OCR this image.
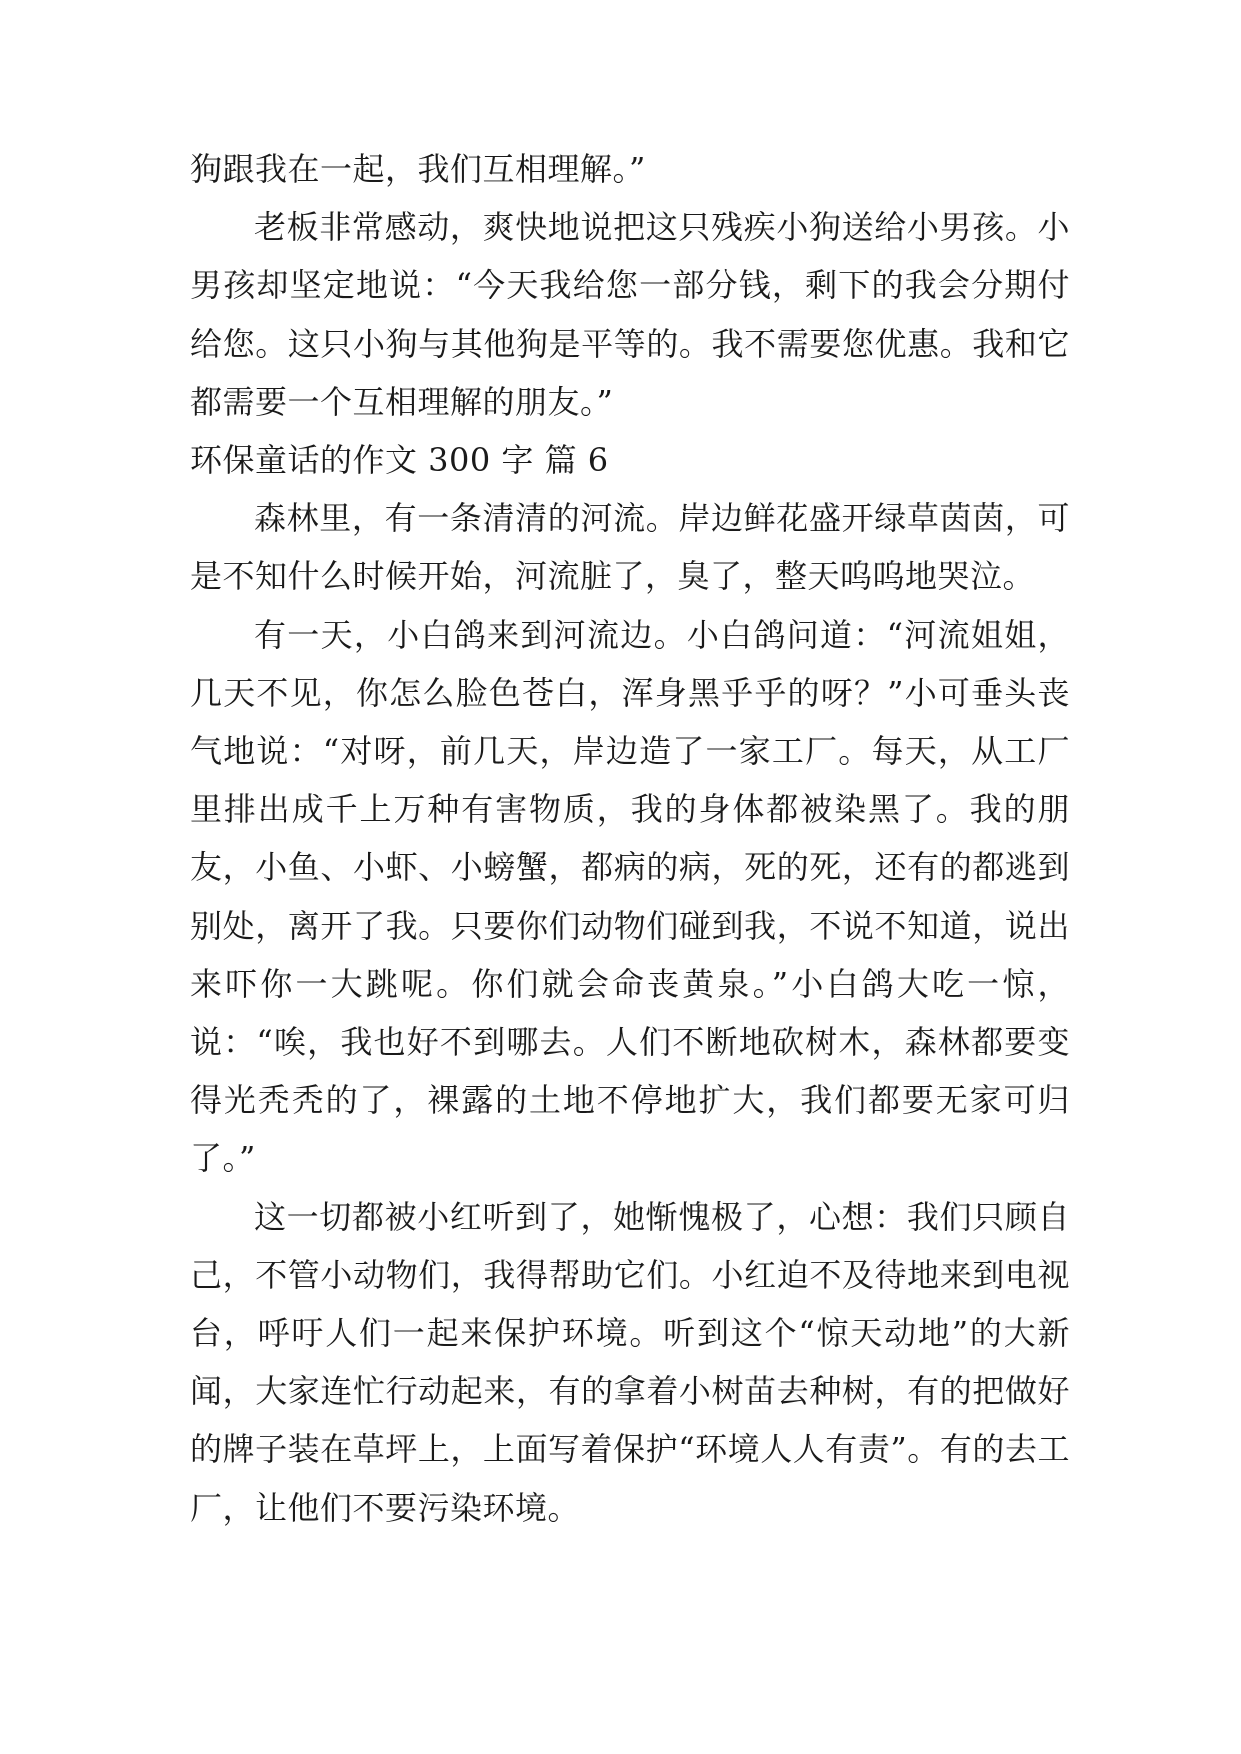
狗跟我在一起，我们互相理解。”

老板非常感动，爽快地说把这只残疾小狗送给小男孩。小男孩却坚定地说：“今天我给您一部分钱，剩下的我会分期付给您。这只小狗与其他狗是平等的。我不需要您优惠。我和它都需要一个互相理解的朋友。”

环保童话的作文 300 字 篇 6

森林里，有一条清清的河流。岸边鲜花盛开绿草茵茵，可是不知什么时候开始，河流脏了，臭了，整天呜呜地哭泣。

有一天，小白鸽来到河流边。小白鸽问道：“河流姐姐，几天不见，你怎么脸色苍白，浑身黑乎乎的呀？”小可垂头丧气地说：“对呀，前几天，岸边造了一家工厂。每天，从工厂里排出成千上万种有害物质，我的身体都被染黑了。我的朋友，小鱼、小虾、小螃蟹，都病的病，死的死，还有的都逃到别处，离开了我。只要你们动物们碰到我，不说不知道，说出来吓你一大跳呢。你们就会命丧黄泉。”小白鸽大吃一惊，说：“唉，我也好不到哪去。人们不断地砍树木，森林都要变得光秃秃的了，裸露的土地不停地扩大，我们都要无家可归了。”

这一切都被小红听到了，她惭愧极了，心想：我们只顾自己，不管小动物们，我得帮助它们。小红迫不及待地来到电视台，呼吁人们一起来保护环境。听到这个“惊天动地”的大新闻，大家连忙行动起来，有的拿着小树苗去种树，有的把做好的牌子装在草坪上，上面写着保护“环境人人有责”。有的去工厂，让他们不要污染环境。
